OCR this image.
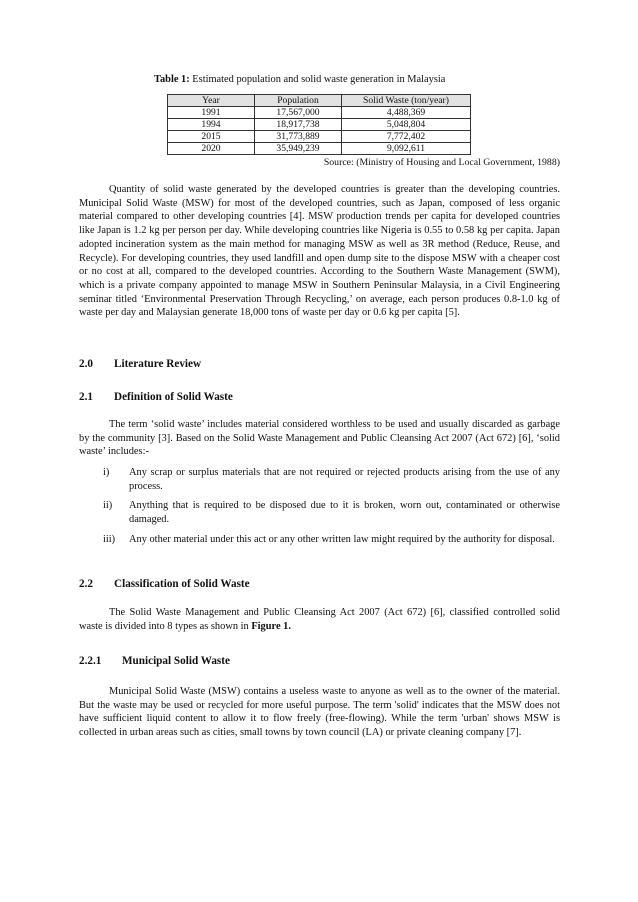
Table 1: Estimated population and solid waste generation in Malaysia
Year	Population	Solid Waste (ton/year)
1991	17,567,000	4,488,369
1994	18,917,738	5,048,804
2015	31,773,889	7,772,402
2020	35,949,239	9,092,611
Source: (Ministry of Housing and Local Government, 1988)

Quantity of solid waste generated by the developed countries is greater than the developing countries. Municipal Solid Waste (MSW) for most of the developed countries, such as Japan, composed of less organic material compared to other developing countries [4]. MSW production trends per capita for developed countries like Japan is 1.2 kg per person per day. While developing countries like Nigeria is 0.55 to 0.58 kg per capita. Japan adopted incineration system as the main method for managing MSW as well as 3R method (Reduce, Reuse, and Recycle). For developing countries, they used landfill and open dump site to the dispose MSW with a cheaper cost or no cost at all, compared to the developed countries. According to the Southern Waste Management (SWM), which is a private company appointed to manage MSW in Southern Peninsular Malaysia, in a Civil Engineering seminar titled ‘Environmental Preservation Through Recycling,’ on average, each person produces 0.8-1.0 kg of waste per day and Malaysian generate 18,000 tons of waste per day or 0.6 kg per capita [5].

2.0 Literature Review
2.1 Definition of Solid Waste

The term ‘solid waste’ includes material considered worthless to be used and usually discarded as garbage by the community [3]. Based on the Solid Waste Management and Public Cleansing Act 2007 (Act 672) [6], ‘solid waste’ includes:-

i)	Any scrap or surplus materials that are not required or rejected products arising from the use of any process.
ii)	Anything that is required to be disposed due to it is broken, worn out, contaminated or otherwise damaged.
iii)	Any other material under this act or any other written law might required by the authority for disposal.
2.2 Classification of Solid Waste

The Solid Waste Management and Public Cleansing Act 2007 (Act 672) [6], classified controlled solid waste is divided into 8 types as shown in Figure 1.

2.2.1 Municipal Solid Waste

Municipal Solid Waste (MSW) contains a useless waste to anyone as well as to the owner of the material. But the waste may be used or recycled for more useful purpose. The term 'solid' indicates that the MSW does not have sufficient liquid content to allow it to flow freely (free-flowing). While the term 'urban' shows MSW is collected in urban areas such as cities, small towns by town council (LA) or private cleaning company [7].
